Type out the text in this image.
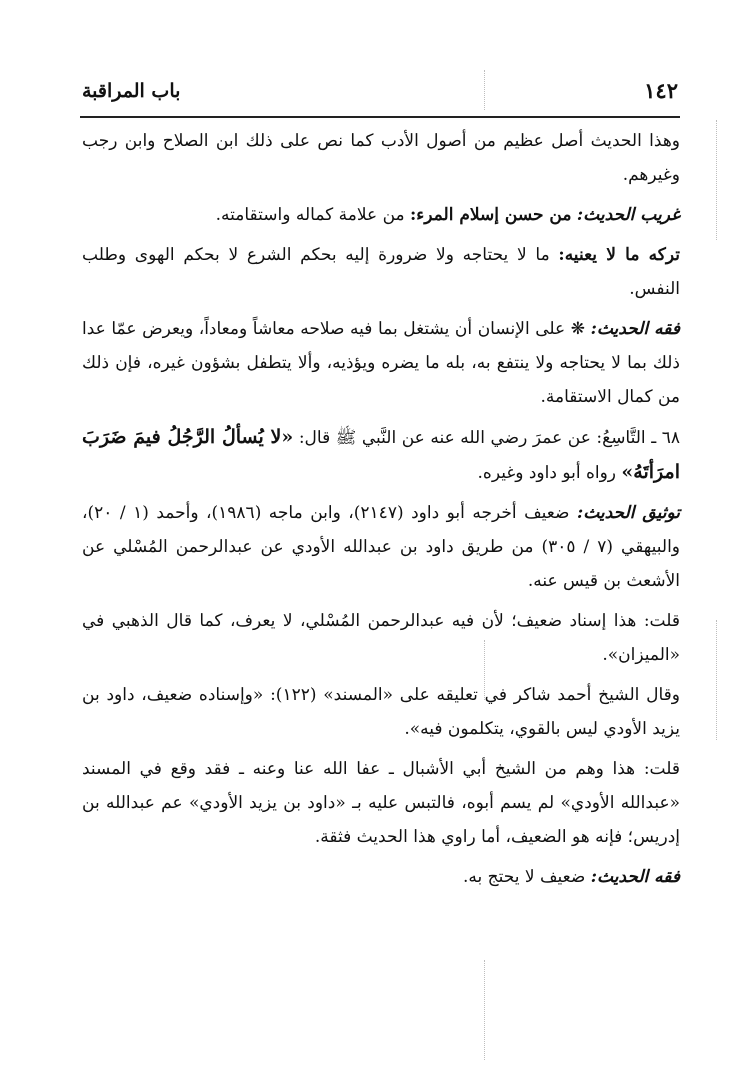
١٤٢
باب المراقبة

وهذا الحديث أصل عظيم من أصول الأدب كما نص على ذلك ابن الصلاح وابن رجب وغيرهم.

غريب الحديث: من حسن إسلام المرء: من علامة كماله واستقامته.

تركه ما لا يعنيه: ما لا يحتاجه ولا ضرورة إليه بحكم الشرع لا بحكم الهوى وطلب النفس.

فقه الحديث: ❋ على الإنسان أن يشتغل بما فيه صلاحه معاشاً ومعاداً، ويعرض عمّا عدا ذلك بما لا يحتاجه ولا ينتفع به، بله ما يضره ويؤذيه، وألا يتطفل بشؤون غيره، فإن ذلك من كمال الاستقامة.

٦٨ ـ التَّاسِعُ: عن عمرَ رضي الله عنه عن النَّبي ﷺ قال: «لا يُسألُ الرَّجُلُ فيمَ ضَرَبَ امرَأتَهُ» رواه أبو داود وغيره.

توثيق الحديث: ضعيف أخرجه أبو داود (٢١٤٧)، وابن ماجه (١٩٨٦)، وأحمد (١ / ٢٠)، والبيهقي (٧ / ٣٠٥) من طريق داود بن عبدالله الأودي عن عبدالرحمن المُسْلي عن الأشعث بن قيس عنه.

قلت: هذا إسناد ضعيف؛ لأن فيه عبدالرحمن المُسْلي، لا يعرف، كما قال الذهبي في «الميزان».

وقال الشيخ أحمد شاكر في تعليقه على «المسند» (١٢٢): «وإسناده ضعيف، داود بن يزيد الأودي ليس بالقوي، يتكلمون فيه».

قلت: هذا وهم من الشيخ أبي الأشبال ـ عفا الله عنا وعنه ـ فقد وقع في المسند «عبدالله الأودي» لم يسم أبوه، فالتبس عليه بـ «داود بن يزيد الأودي» عم عبدالله بن إدريس؛ فإنه هو الضعيف، أما راوي هذا الحديث فثقة.

فقه الحديث: ضعيف لا يحتج به.
